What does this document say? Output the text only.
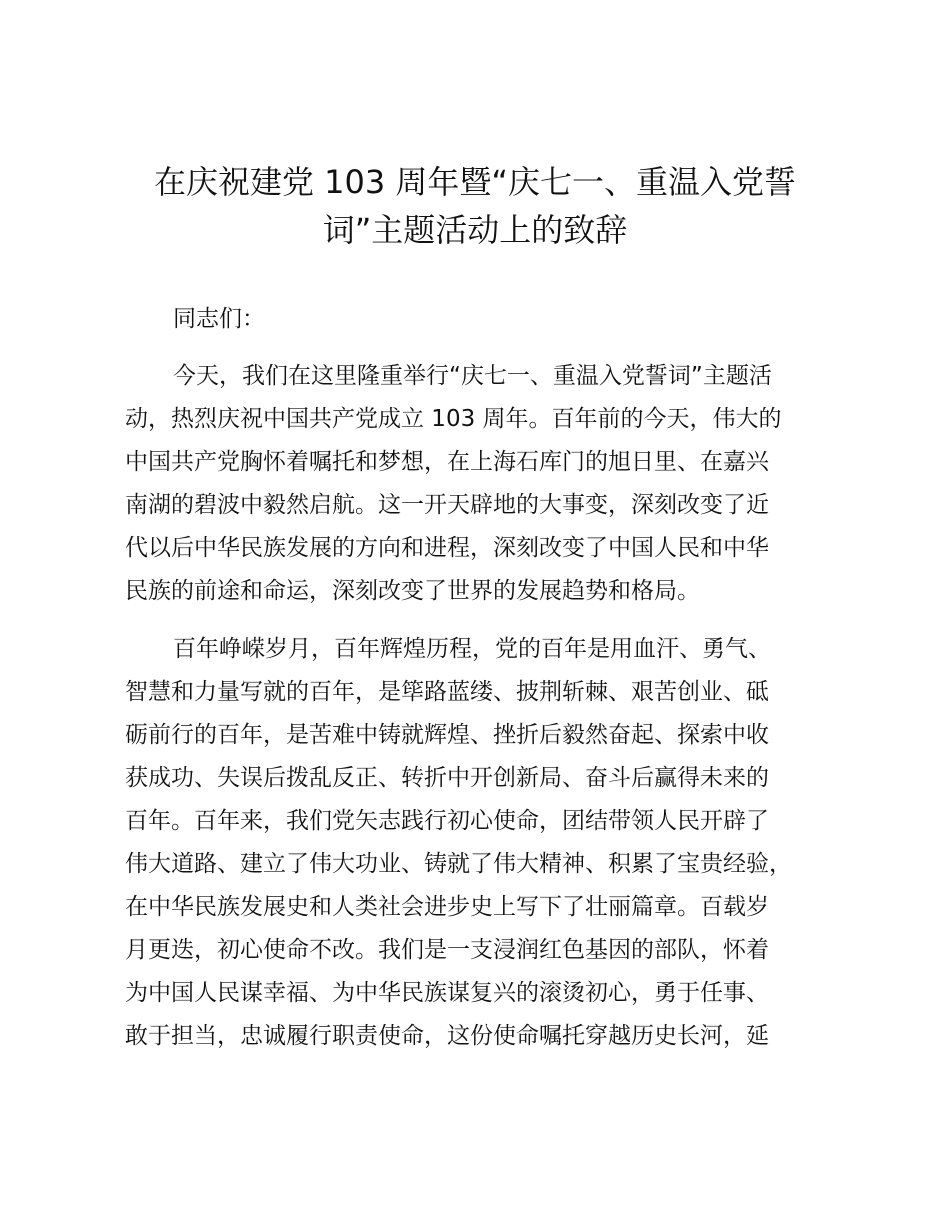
在庆祝建党 103 周年暨“庆七一、重温入党誓
词”主题活动上的致辞
同志们：
今天，我们在这里隆重举行“庆七一、重温入党誓词”主题活
动，热烈庆祝中国共产党成立 103 周年。百年前的今天，伟大的
中国共产党胸怀着嘱托和梦想，在上海石库门的旭日里、在嘉兴
南湖的碧波中毅然启航。这一开天辟地的大事变，深刻改变了近
代以后中华民族发展的方向和进程，深刻改变了中国人民和中华
民族的前途和命运，深刻改变了世界的发展趋势和格局。
百年峥嵘岁月，百年辉煌历程，党的百年是用血汗、勇气、
智慧和力量写就的百年，是筚路蓝缕、披荆斩棘、艰苦创业、砥
砺前行的百年，是苦难中铸就辉煌、挫折后毅然奋起、探索中收
获成功、失误后拨乱反正、转折中开创新局、奋斗后赢得未来的
百年。百年来，我们党矢志践行初心使命，团结带领人民开辟了
伟大道路、建立了伟大功业、铸就了伟大精神、积累了宝贵经验，
在中华民族发展史和人类社会进步史上写下了壮丽篇章。百载岁
月更迭，初心使命不改。我们是一支浸润红色基因的部队，怀着
为中国人民谋幸福、为中华民族谋复兴的滚烫初心，勇于任事、
敢于担当，忠诚履行职责使命，这份使命嘱托穿越历史长河，延
